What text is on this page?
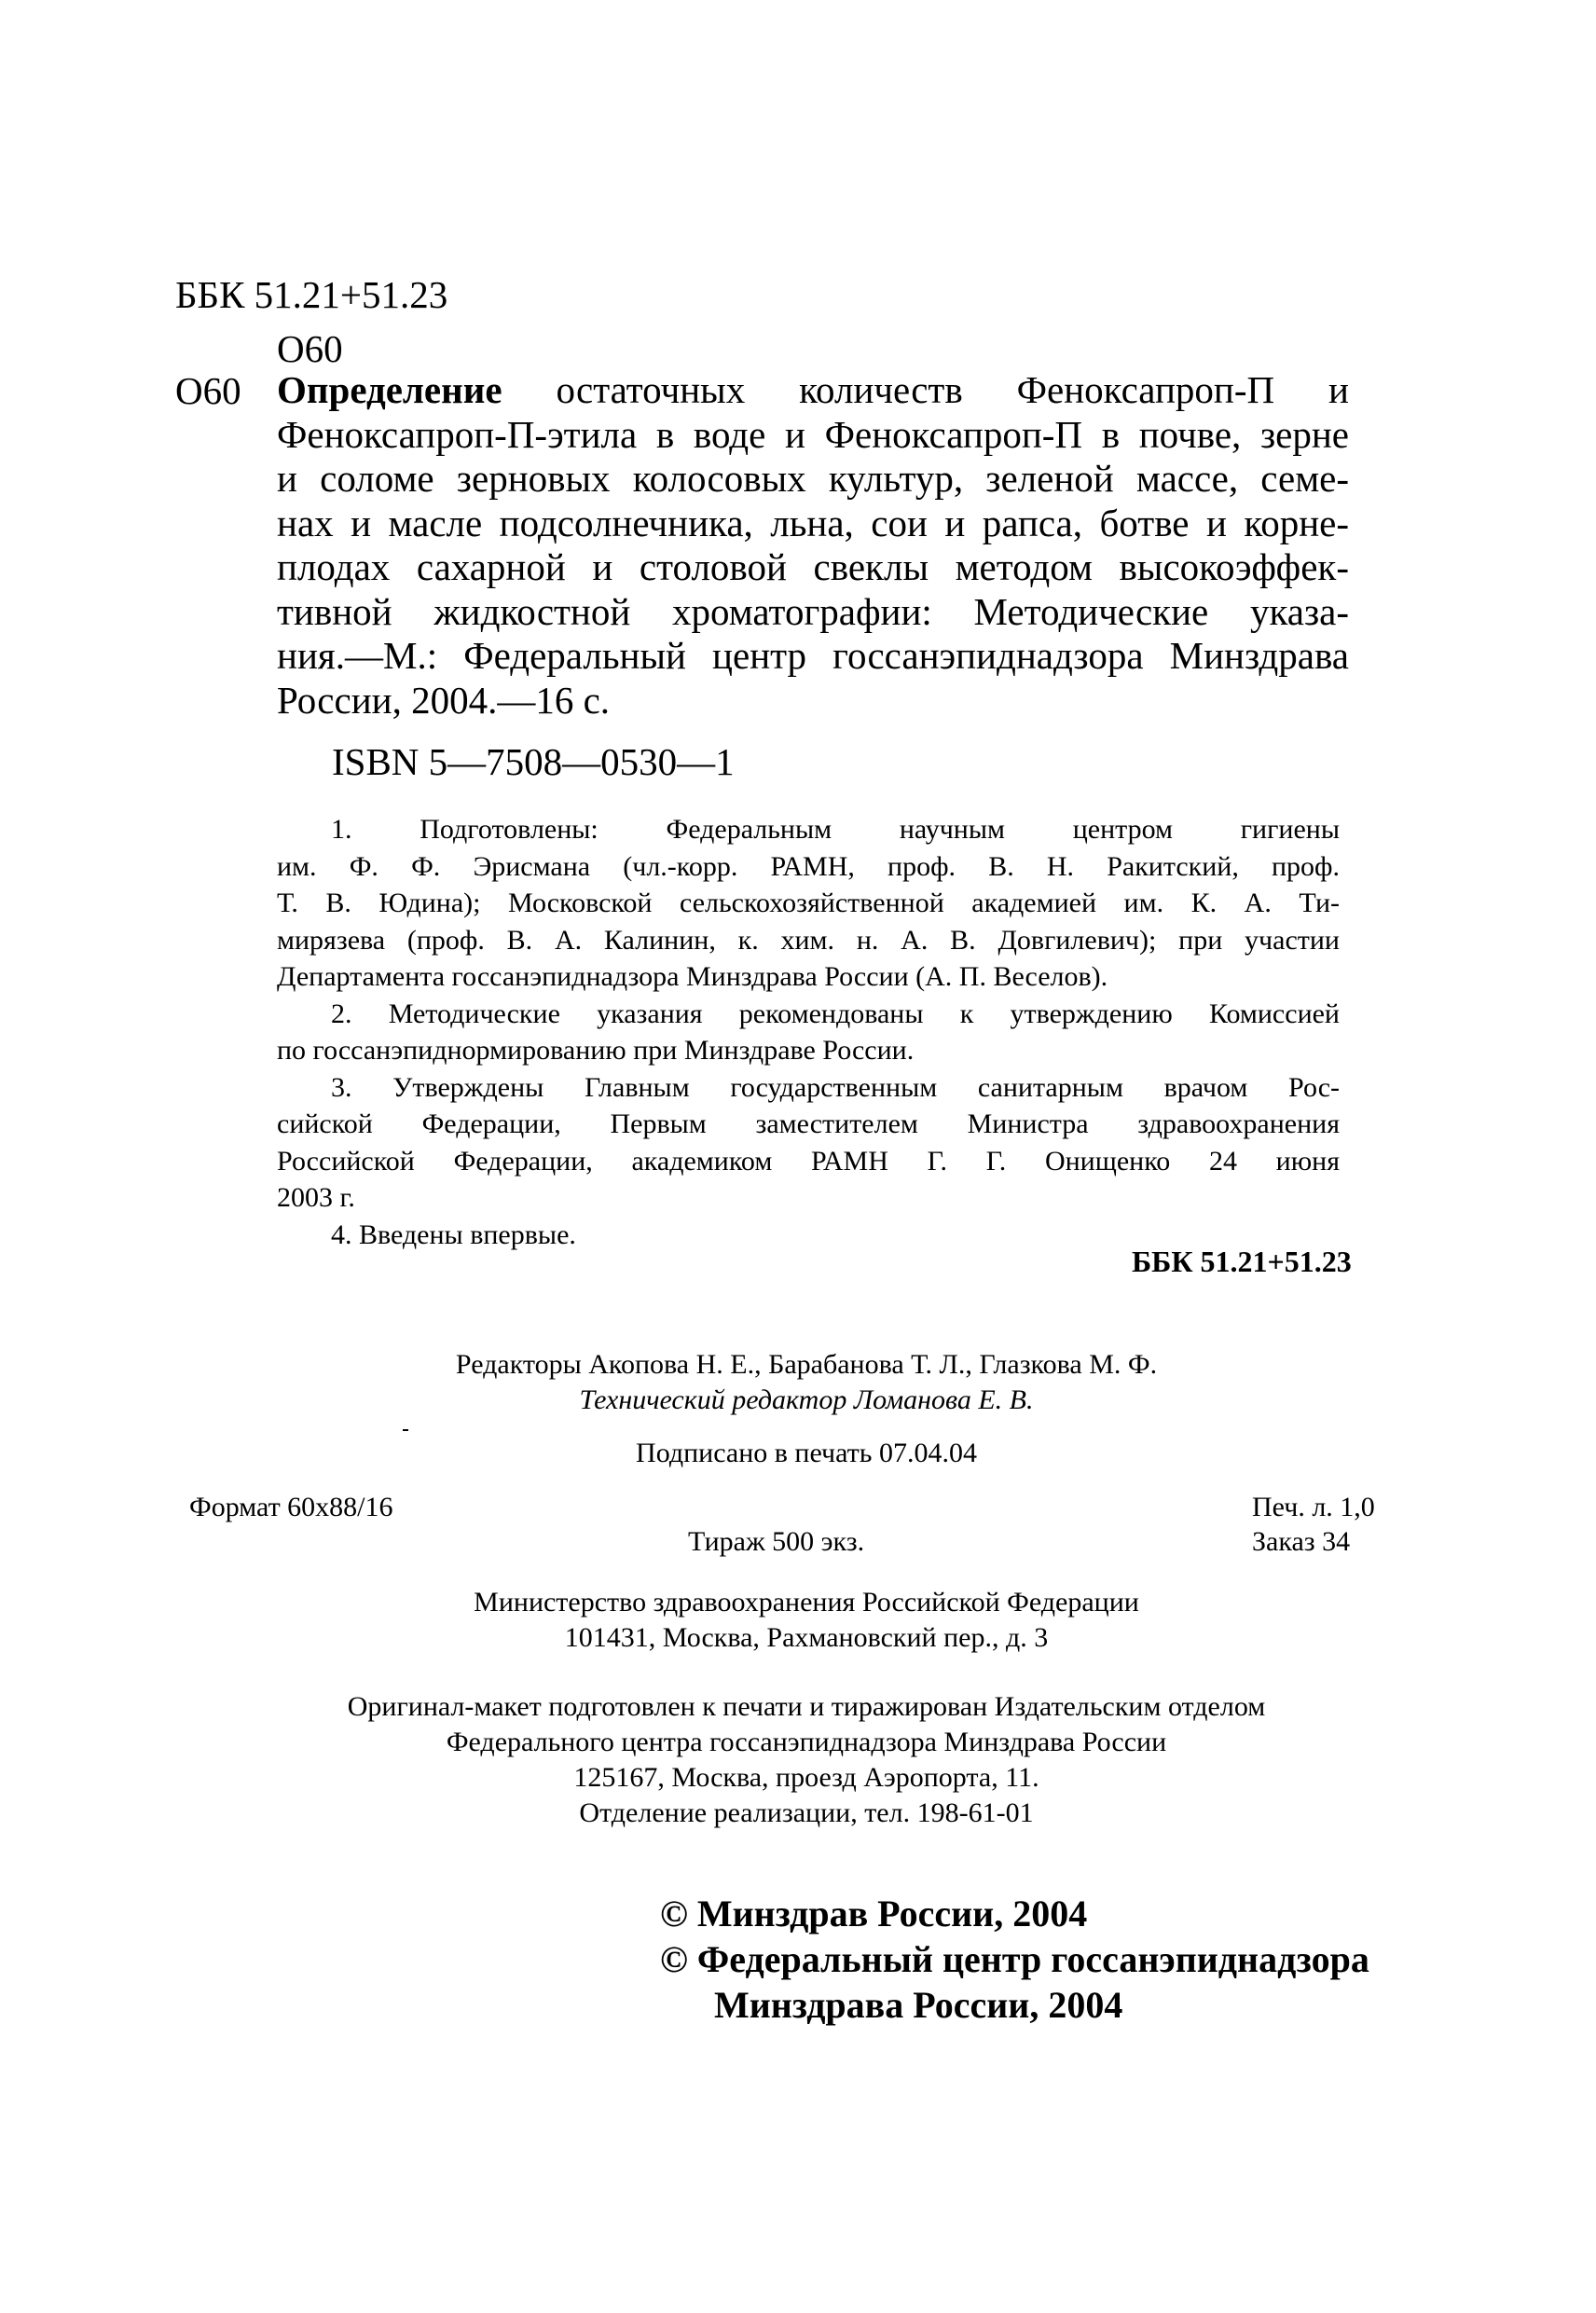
ББК 51.21+51.23
О60
О60 Определение остаточных количеств Феноксапроп-П и
Феноксапроп-П-этила в воде и Феноксапроп-П в почве, зерне
и соломе зерновых колосовых культур, зеленой массе, семе-
нах и масле подсолнечника, льна, сои и рапса, ботве и корне-
плодах сахарной и столовой свеклы методом высокоэффек-
тивной жидкостной хроматографии: Методические указа-
ния.—М.: Федеральный центр госсанэпиднадзора Минздрава
России, 2004.—16 с.
ISBN 5—7508—0530—1
1. Подготовлены: Федеральным научным центром гигиены
им. Ф. Ф. Эрисмана (чл.-корр. РАМН, проф. В. Н. Ракитский, проф.
Т. В. Юдина); Московской сельскохозяйственной академией им. К. А. Ти-
мирязева (проф. В. А. Калинин, к. хим. н. А. В. Довгилевич); при участии
Департамента госсанэпиднадзора Минздрава России (А. П. Веселов).
2. Методические указания рекомендованы к утверждению Комиссией
по госсанэпиднормированию при Минздраве России.
3. Утверждены Главным государственным санитарным врачом Рос-
сийской Федерации, Первым заместителем Министра здравоохранения
Российской Федерации, академиком РАМН Г. Г. Онищенко 24 июня
2003 г.
4. Введены впервые.
ББК 51.21+51.23
Редакторы Акопова Н. Е., Барабанова Т. Л., Глазкова М. Ф.
Технический редактор Ломанова Е. В.
Подписано в печать 07.04.04
Формат 60x88/16	Печ. л. 1,0
Тираж 500 экз.	Заказ 34
Министерство здравоохранения Российской Федерации
101431, Москва, Рахмановский пер., д. 3
Оригинал-макет подготовлен к печати и тиражирован Издательским отделом
Федерального центра госсанэпиднадзора Минздрава России
125167, Москва, проезд Аэропорта, 11.
Отделение реализации, тел. 198-61-01
© Минздрав России, 2004
© Федеральный центр госсанэпиднадзора
Минздрава России, 2004
